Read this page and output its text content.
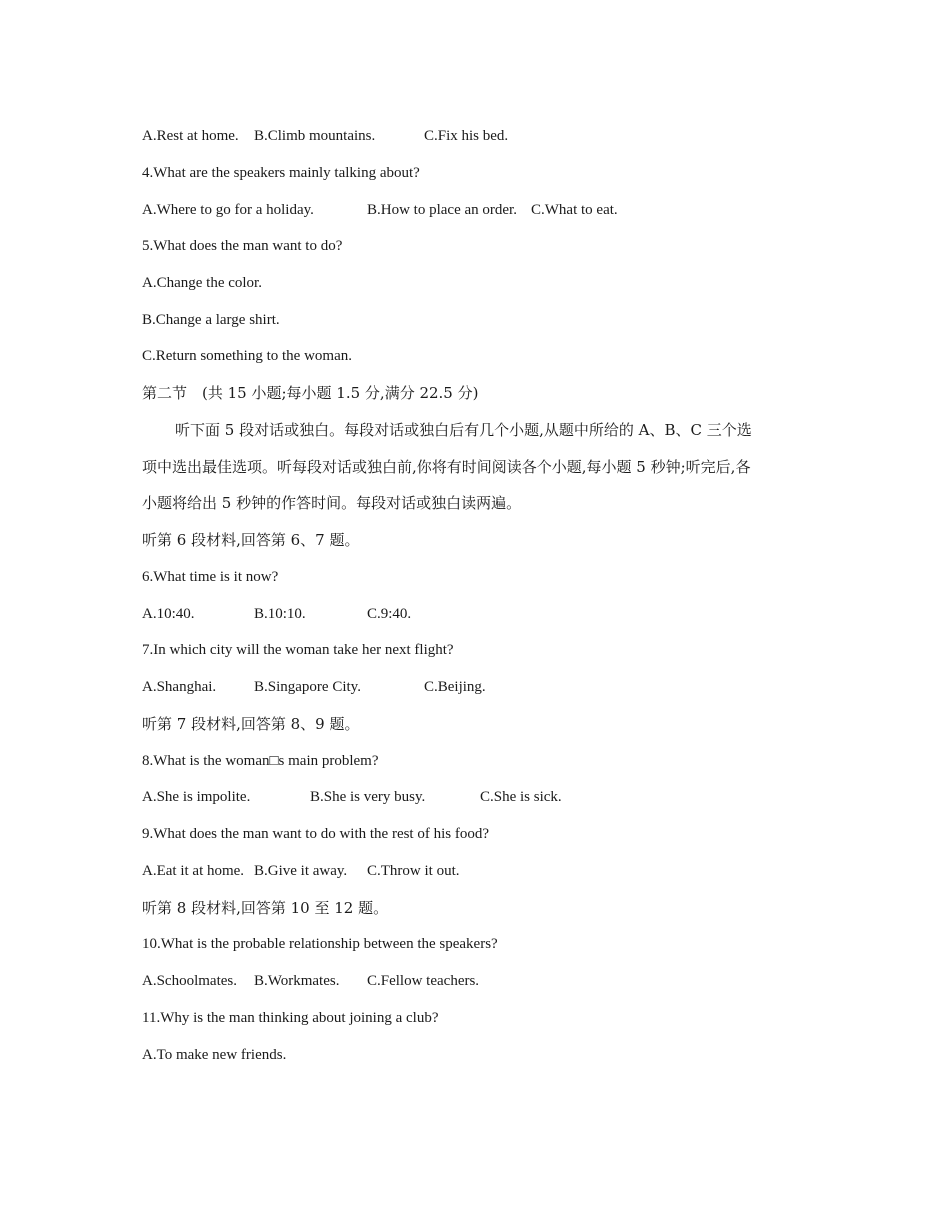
A.Rest at home. B.Climb mountains.	C.Fix his bed.
4.What are the speakers mainly talking about?
A.Where to go for a holiday.	B.How to place an order. C.What to eat.
5.What does the man want to do?
A.Change the color.
B.Change a large shirt.
C.Return something to the woman.
第二节　(共 15 小题;每小题 1.5 分,满分 22.5 分)
听下面 5 段对话或独白。每段对话或独白后有几个小题,从题中所给的 A、B、C 三个选
项中选出最佳选项。听每段对话或独白前,你将有时间阅读各个小题,每小题 5 秒钟;听完后,各
小题将给出 5 秒钟的作答时间。每段对话或独白读两遍。
听第 6 段材料,回答第 6、7 题。
6.What time is it now?
A.10:40.	B.10:10.	C.9:40.
7.In which city will the woman take her next flight?
A.Shanghai.	B.Singapore City.	C.Beijing.
听第 7 段材料,回答第 8、9 题。
8.What is the woman□s main problem?
A.She is impolite.	B.She is very busy.	C.She is sick.
9.What does the man want to do with the rest of his food?
A.Eat it at home. B.Give it away. C.Throw it out.
听第 8 段材料,回答第 10 至 12 题。
10.What is the probable relationship between the speakers?
A.Schoolmates. B.Workmates. C.Fellow teachers.
11.Why is the man thinking about joining a club?
A.To make new friends.
